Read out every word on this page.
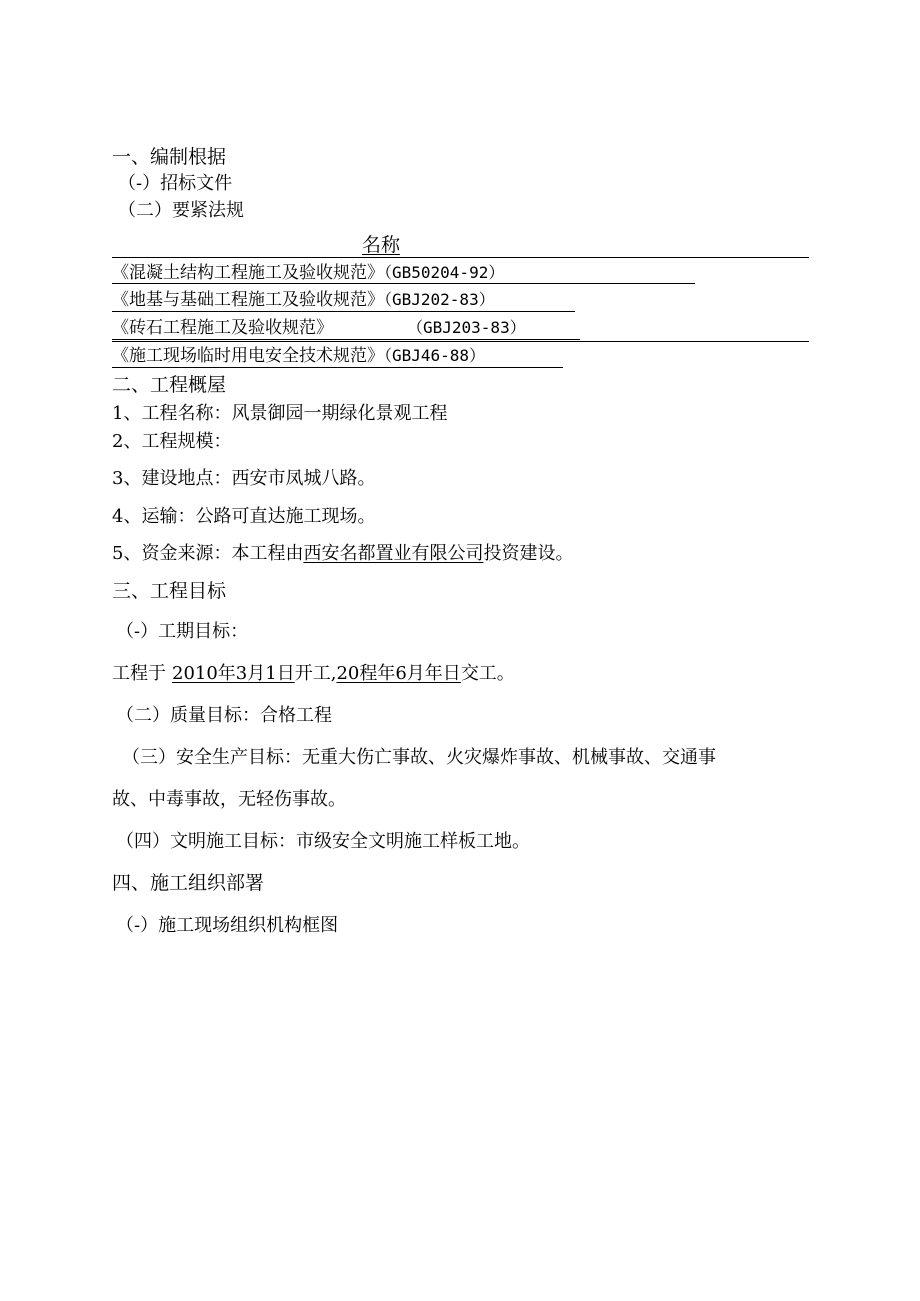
一、编制根据
（-）招标文件
（二）要紧法规
名称
《混凝土结构工程施工及验收规范》（GB50204-92）
《地基与基础工程施工及验收规范》（GBJ202-83）
《砖石工程施工及验收规范》	（GBJ203-83）
《施工现场临时用电安全技术规范》（GBJ46-88）
二、工程概屋
1、工程名称：风景御园一期绿化景观工程
2、工程规模：
3、建设地点：西安市凤城八路。
4、运输：公路可直达施工现场。
5、资金来源：本工程由西安名都置业有限公司投资建设。
三、工程目标
（-）工期目标：
工程于 2010年3月1日开工,20程年6月年日交工。
（二）质量目标：合格工程
（三）安全生产目标：无重大伤亡事故、火灾爆炸事故、机械事故、交通事
故、中毒事故，无轻伤事故。
（四）文明施工目标：市级安全文明施工样板工地。
四、施工组织部署
（-）施工现场组织机构框图
